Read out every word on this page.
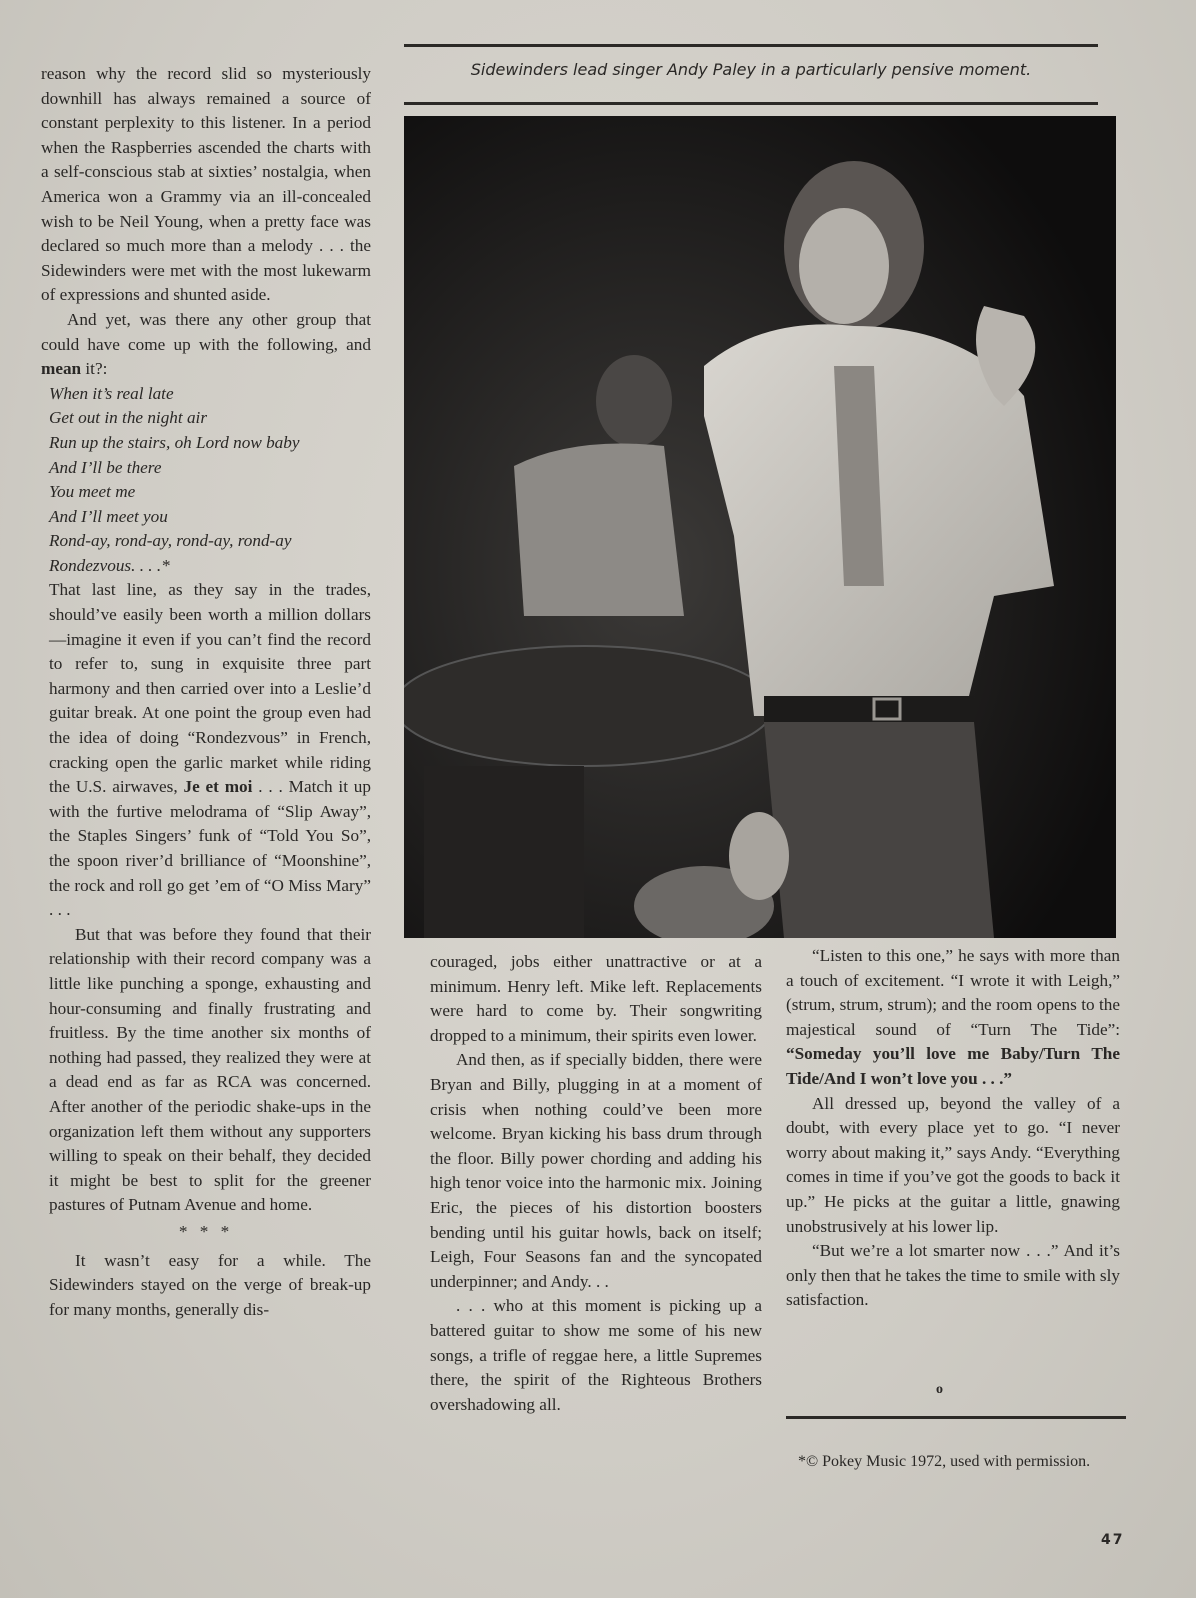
reason why the record slid so mysteriously downhill has always remained a source of constant perplexity to this listener. In a period when the Raspberries ascended the charts with a self-conscious stab at sixties’ nostalgia, when America won a Grammy via an ill-concealed wish to be Neil Young, when a pretty face was declared so much more than a melody . . . the Sidewinders were met with the most lukewarm of expressions and shunted aside.

And yet, was there any other group that could have come up with the following, and mean it?:

When it’s real late
Get out in the night air
Run up the stairs, oh Lord now baby
And I’ll be there
You meet me
And I’ll meet you
Rond-ay, rond-ay, rond-ay, rond-ay
Rondezvous. . . .*

That last line, as they say in the trades, should’ve easily been worth a million dollars—imagine it even if you can’t find the record to refer to, sung in exquisite three part harmony and then carried over into a Leslie’d guitar break. At one point the group even had the idea of doing “Rondezvous” in French, cracking open the garlic market while riding the U.S. airwaves, Je et moi . . . Match it up with the furtive melodrama of “Slip Away”, the Staples Singers’ funk of “Told You So”, the spoon river’d brilliance of “Moonshine”, the rock and roll go get ’em of “O Miss Mary” . . .

But that was before they found that their relationship with their record company was a little like punching a sponge, exhausting and hour-consuming and finally frustrating and fruitless. By the time another six months of nothing had passed, they realized they were at a dead end as far as RCA was concerned. After another of the periodic shake-ups in the organization left them without any supporters willing to speak on their behalf, they decided it might be best to split for the greener pastures of Putnam Avenue and home.

* * *

It wasn’t easy for a while. The Sidewinders stayed on the verge of break-up for many months, generally dis-

Sidewinders lead singer Andy Paley in a particularly pensive moment.

couraged, jobs either unattractive or at a minimum. Henry left. Mike left. Replacements were hard to come by. Their songwriting dropped to a minimum, their spirits even lower.

And then, as if specially bidden, there were Bryan and Billy, plugging in at a moment of crisis when nothing could’ve been more welcome. Bryan kicking his bass drum through the floor. Billy power chording and adding his high tenor voice into the harmonic mix. Joining Eric, the pieces of his distortion boosters bending until his guitar howls, back on itself; Leigh, Four Seasons fan and the syncopated underpinner; and Andy. . .

. . . who at this moment is picking up a battered guitar to show me some of his new songs, a trifle of reggae here, a little Supremes there, the spirit of the Righteous Brothers overshadowing all.

“Listen to this one,” he says with more than a touch of excitement. “I wrote it with Leigh,” (strum, strum, strum); and the room opens to the majestical sound of “Turn The Tide”: “Someday you’ll love me Baby/Turn The Tide/And I won’t love you . . .”

All dressed up, beyond the valley of a doubt, with every place yet to go. “I never worry about making it,” says Andy. “Everything comes in time if you’ve got the goods to back it up.” He picks at the guitar a little, gnawing unobstrusively at his lower lip.

“But we’re a lot smarter now . . .” And it’s only then that he takes the time to smile with sly satisfaction.

o
*© Pokey Music 1972, used with permission.
47
